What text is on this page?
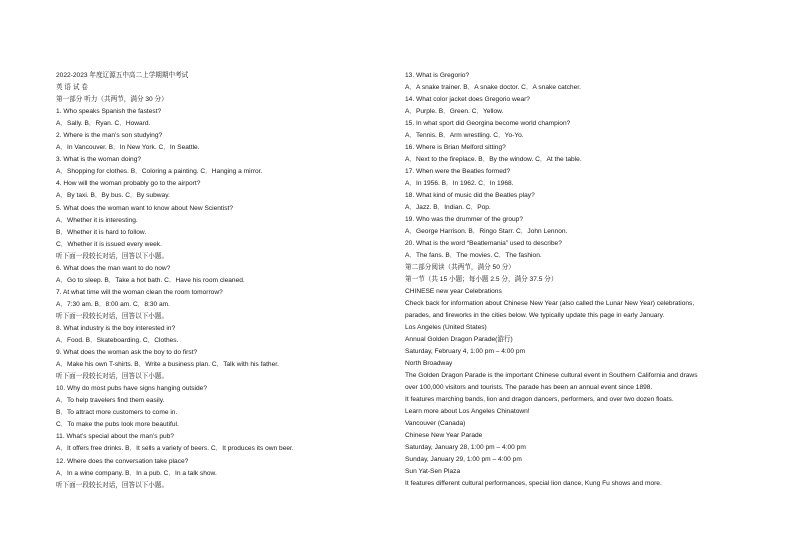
2022-2023 年度辽源五中高二上学期期中考试
英 语 试 卷
第一部分 听力（共两节，满分 30 分）
1. Who speaks Spanish the fastest?
A．Sally. B．Ryan. C．Howard.
2. Where is the man’s son studying?
A．In Vancouver. B．In New York. C．In Seattle.
3. What is the woman doing?
A．Shopping for clothes. B．Coloring a painting. C．Hanging a mirror.
4. How will the woman probably go to the airport?
A．By taxi. B．By bus. C．By subway.
5. What does the woman want to know about New Scientist?
A．Whether it is interesting.
B．Whether it is hard to follow.
C．Whether it is issued every week.
听下面一段较长对话，回答以下小题。
6. What does the man want to do now?
A．Go to sleep. B．Take a hot bath. C．Have his room cleaned.
7. At what time will the woman clean the room tomorrow?
A．7:30 am. B．8:00 am. C．8:30 am.
听下面一段较长对话，回答以下小题。
8. What industry is the boy interested in?
A．Food. B．Skateboarding. C．Clothes.
9. What does the woman ask the boy to do first?
A．Make his own T-shirts. B．Write a business plan. C．Talk with his father.
听下面一段较长对话，回答以下小题。
10. Why do most pubs have signs hanging outside?
A．To help travelers find them easily.
B．To attract more customers to come in.
C．To make the pubs look more beautiful.
11. What’s special about the man’s pub?
A．It offers free drinks. B．It sells a variety of beers. C．It produces its own beer.
12. Where does the conversation take place?
A．In a wine company. B．In a pub. C．In a talk show.
听下面一段较长对话，回答以下小题。
13. What is Gregorio?
A．A snake trainer. B．A snake doctor. C．A snake catcher.
14. What color jacket does Gregorio wear?
A．Purple. B．Green. C．Yellow.
15. In what sport did Georgina become world champion?
A．Tennis. B．Arm wrestling. C．Yo-Yo.
16. Where is Brian Melford sitting?
A．Next to the fireplace. B．By the window. C．At the table.
17. When were the Beatles formed?
A．In 1956. B．In 1962. C．In 1968.
18. What kind of music did the Beatles play?
A．Jazz. B．Indian. C．Pop.
19. Who was the drummer of the group?
A．George Harrison. B．Ringo Starr. C．John Lennon.
20. What is the word “Beatlemania” used to describe?
A．The fans. B．The movies. C．The fashion.
第二部分阅读（共两节，满分 50 分）
第一节（共 15 小题；每小题 2.5 分，满分 37.5 分）
CHINESE new year Celebrations
Check back for information about Chinese New Year (also called the Lunar New Year) celebrations,
parades, and fireworks in the cities below. We typically update this page in early January.
Los Angeles (United States)
Annual Golden Dragon Parade(游行)
Saturday, February 4, 1:00 pm – 4:00 pm
North Broadway
The Golden Dragon Parade is the important Chinese cultural event in Southern California and draws
over 100,000 visitors and tourists. The parade has been an annual event since 1898.
It features marching bands, lion and dragon dancers, performers, and over two dozen floats.
Learn more about Los Angeles Chinatown!
Vancouver (Canada)
Chinese New Year Parade
Saturday, January 28, 1:00 pm – 4:00 pm
Sunday, January 29, 1:00 pm – 4:00 pm
Sun Yat-Sen Plaza
It features different cultural performances, special lion dance, Kung Fu shows and more.
